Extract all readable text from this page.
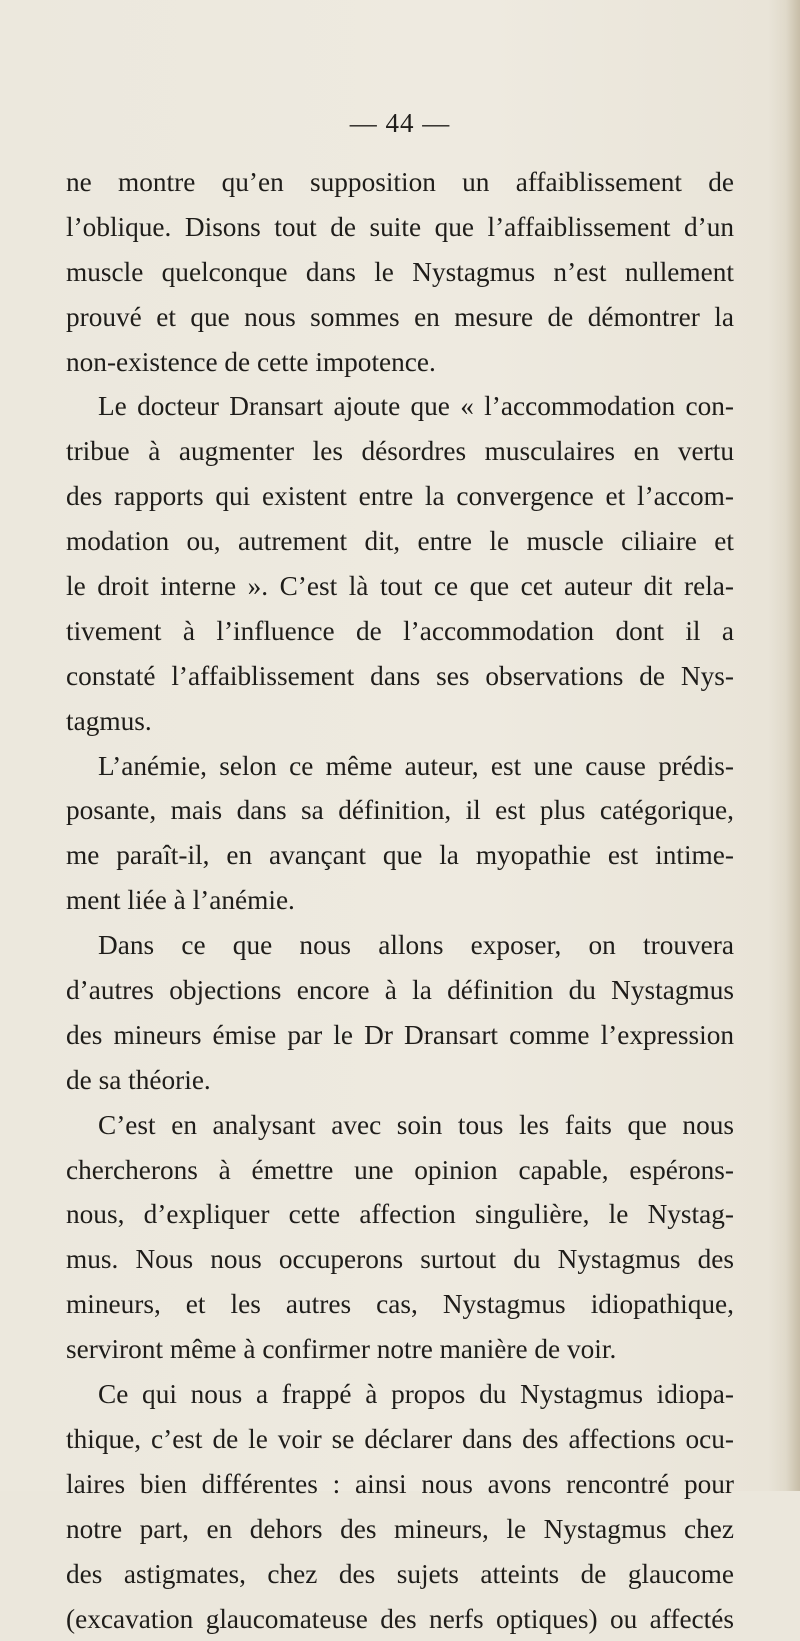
— 44 —
ne montre qu’en supposition un affaiblissement de
l’oblique. Disons tout de suite que l’affaiblissement d’un
muscle quelconque dans le Nystagmus n’est nullement
prouvé et que nous sommes en mesure de démontrer la
non-existence de cette impotence.
Le docteur Dransart ajoute que « l’accommodation con-
tribue à augmenter les désordres musculaires en vertu
des rapports qui existent entre la convergence et l’accom-
modation ou, autrement dit, entre le muscle ciliaire et
le droit interne ». C’est là tout ce que cet auteur dit rela-
tivement à l’influence de l’accommodation dont il a
constaté l’affaiblissement dans ses observations de Nys-
tagmus.
L’anémie, selon ce même auteur, est une cause prédis-
posante, mais dans sa définition, il est plus catégorique,
me paraît-il, en avançant que la myopathie est intime-
ment liée à l’anémie.
Dans ce que nous allons exposer, on trouvera
d’autres objections encore à la définition du Nystagmus
des mineurs émise par le Dr Dransart comme l’expression
de sa théorie.
C’est en analysant avec soin tous les faits que nous
chercherons à émettre une opinion capable, espérons-
nous, d’expliquer cette affection singulière, le Nystag-
mus. Nous nous occuperons surtout du Nystagmus des
mineurs, et les autres cas, Nystagmus idiopathique,
serviront même à confirmer notre manière de voir.
Ce qui nous a frappé à propos du Nystagmus idiopa-
thique, c’est de le voir se déclarer dans des affections ocu-
laires bien différentes : ainsi nous avons rencontré pour
notre part, en dehors des mineurs, le Nystagmus chez
des astigmates, chez des sujets atteints de glaucome
(excavation glaucomateuse des nerfs optiques) ou affectés
